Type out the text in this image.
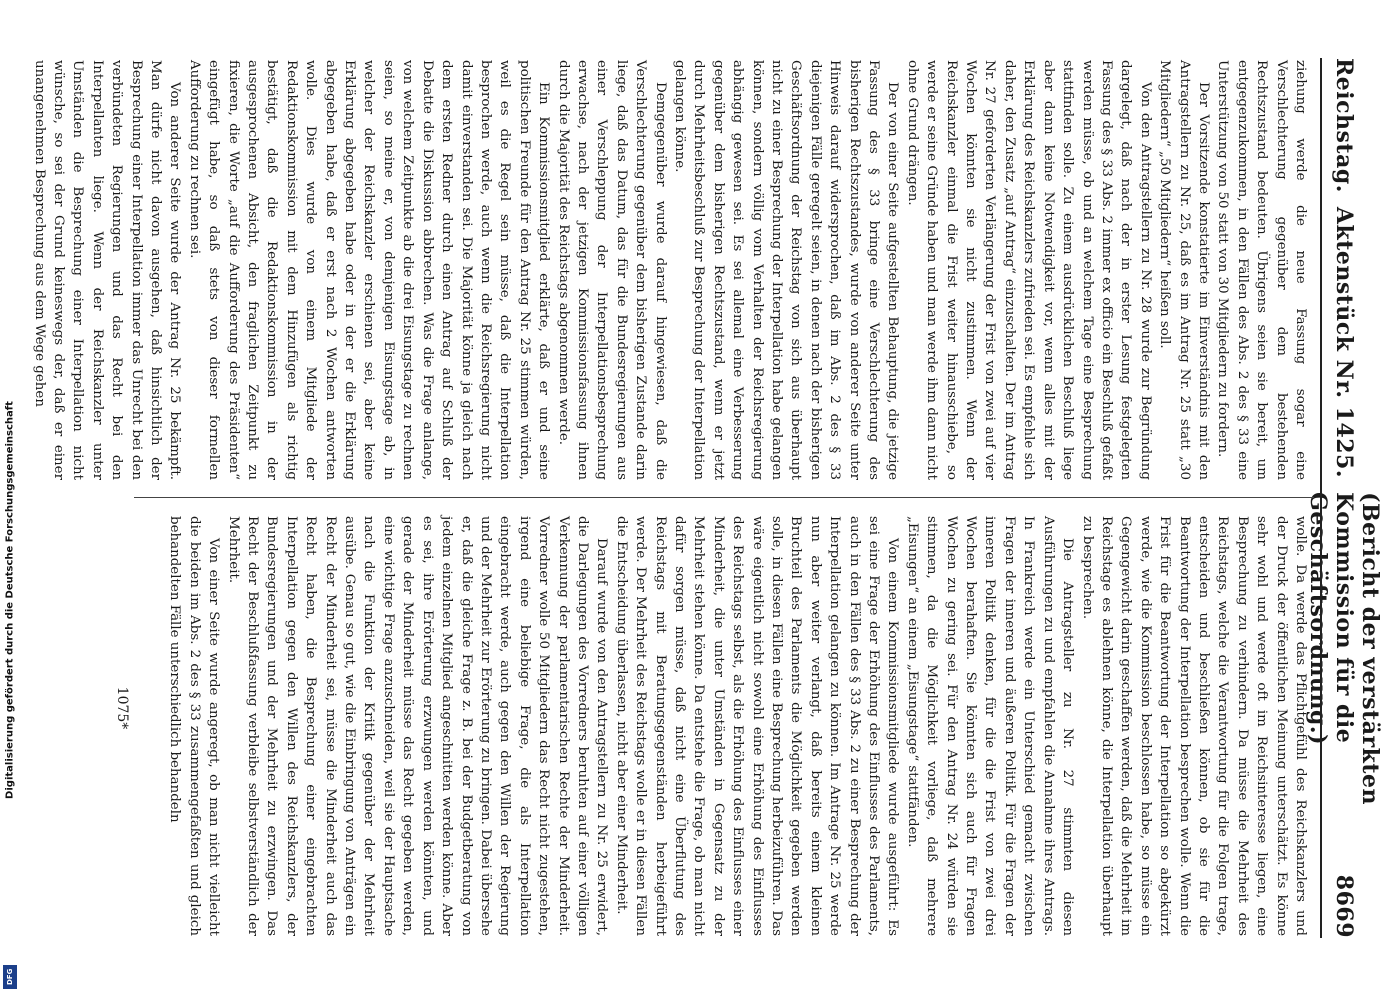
Digitalisierung gefördert durch die Deutsche Forschungsgemeinschaft
DFG
Reichstag.
Aktenstück Nr. 1425.
(Bericht der verstärkten Kommission für die Geschäftsordnung.)
8669

ziehung werde die neue Fassung sogar eine Verschlechterung gegenüber dem bestehenden Rechtszustand bedeuten. Übrigens seien sie bereit, um entgegenzukommen, in den Fällen des Abs. 2 des § 33 eine Unterstützung von 50 statt von 30 Mitgliedern zu fordern.

Der Vorsitzende konstatierte im Einverständnis mit den Antragstellern zu Nr. 25, daß es im Antrag Nr. 25 statt „30 Mitgliedern“ „50 Mitgliedern“ heißen soll.

Von den Antragstellern zu Nr. 28 wurde zur Begründung dargelegt, daß nach der in erster Lesung festgelegten Fassung des § 33 Abs. 2 immer ex officio ein Beschluß gefaßt werden müsse, ob und an welchem Tage eine Besprechung stattfinden solle. Zu einem ausdrücklichen Beschluß liege aber dann keine Notwendigkeit vor, wenn alles mit der Erklärung des Reichskanzlers zufrieden sei. Es empfehle sich daher, den Zusatz „auf Antrag“ einzuschalten. Der im Antrag Nr. 27 geforderten Verlängerung der Frist von zwei auf vier Wochen könnten sie nicht zustimmen. Wenn der Reichskanzler einmal die Frist weiter hinausschiebe, so werde er seine Gründe haben und man werde ihm dann nicht ohne Grund drängen.

Der von einer Seite aufgestellten Behauptung, die jetzige Fassung des § 33 bringe eine Verschlechterung des bisherigen Rechtszustandes, wurde von anderer Seite unter Hinweis darauf widersprochen, daß im Abs. 2 des § 33 diejenigen Fälle geregelt seien, in denen nach der bisherigen Geschäftsordnung der Reichstag von sich aus überhaupt nicht zu einer Besprechung der Interpellation habe gelangen können, sondern völlig vom Verhalten der Reichsregierung abhängig gewesen sei. Es sei allemal eine Verbesserung gegenüber dem bisherigen Rechtszustand, wenn er jetzt durch Mehrheitsbeschluß zur Besprechung der Interpellation gelangen könne.

Demgegenüber wurde darauf hingewiesen, daß die Verschlechterung gegenüber dem bisherigen Zustande darin liege, daß das Datum, das für die Bundesregierungen aus einer Verschleppung der Interpellationsbesprechung erwachse, nach der jetzigen Kommissionsfassung ihnen durch die Majorität des Reichstags abgenommen werde.

Ein Kommissionsmitglied erklärte, daß er und seine politischen Freunde für den Antrag Nr. 25 stimmen würden, weil es die Regel sein müsse, daß die Interpellation besprochen werde, auch wenn die Reichsregierung nicht damit einverstanden sei. Die Majorität könne ja gleich nach dem ersten Redner durch einen Antrag auf Schluß der Debatte die Diskussion abbrechen. Was die Frage anlange, von welchem Zeitpunkte ab die drei Eisungstage zu rechnen seien, so meine er, von demjenigen Eisungstage ab, in welcher der Reichskanzler erschienen sei, aber keine Erklärung abgegeben habe oder in der er die Erklärung abgegeben habe, daß er erst nach 2 Wochen antworten wolle. Dies wurde von einem Mitgliede der Redaktionskommission mit dem Hinzufügen als richtig bestätigt, daß die Redaktionskommission in der ausgesprochenen Absicht, den fraglichen Zeitpunkt zu fixieren, die Worte „auf die Aufforderung des Präsidenten“ eingefügt habe, so daß stets von dieser formellen Aufforderung zu rechnen sei.

Von anderer Seite wurde der Antrag Nr. 25 bekämpft. Man dürfe nicht davon ausgehen, daß hinsichtlich der Besprechung einer Interpellation immer das Unrecht bei den verbündeten Regierungen und das Recht bei den Interpellanten liege. Wenn der Reichskanzler unter Umständen die Besprechung einer Interpellation nicht wünsche, so sei der Grund keineswegs der, daß er einer unangenehmen Besprechung aus dem Wege gehen

wolle. Da werde das Pflichtgefühl des Reichskanzlers und der Druck der öffentlichen Meinung unterschätzt. Es könne sehr wohl und werde oft im Reichsinteresse liegen, eine Besprechung zu verhindern. Da müsse die Mehrheit des Reichstags, welche die Verantwortung für die Folgen trage, entscheiden und beschließen können, ob sie für die Beantwortung der Interpellation besprechen wolle. Wenn die Frist für die Beantwortung der Interpellation so abgekürzt werde, wie die Kommission beschlossen habe, so müsse ein Gegengewicht darin geschaffen werden, daß die Mehrheit im Reichstage es ablehnen könne, die Interpellation überhaupt zu besprechen.

Die Antragsteller zu Nr. 27 stimmten diesen Ausführungen zu und empfahlen die Annahme ihres Antrags. In Frankreich werde ein Unterschied gemacht zwischen Fragen der inneren und äußeren Politik. Für die Fragen der inneren Politik denken, für die die Frist von zwei drei Wochen berahaften. Sie könnten sich auch für Fragen Wochen zu gering sei. Für den Antrag Nr. 24 würden sie stimmen, da die Möglichkeit vorliege, daß mehrere „Eisungen“ an einem „Eisungstage“ stattfänden.

Von einem Kommissionsmitgliede wurde ausgeführt: Es sei eine Frage der Erhöhung des Einflusses des Parlaments, auch in den Fällen des § 33 Abs. 2 zu einer Besprechung der Interpellation gelangen zu können. Im Antrage Nr. 25 werde nun aber weiter verlangt, daß bereits einem kleinen Bruchteil des Parlaments die Möglichkeit gegeben werden solle, in diesen Fällen eine Besprechung herbeizuführen. Das wäre eigentlich nicht sowohl eine Erhöhung des Einflusses des Reichstags selbst, als die Erhöhung des Einflusses einer Minderheit, die unter Umständen in Gegensatz zu der Mehrheit stehen könne. Da entstehe die Frage, ob man nicht dafür sorgen müsse, daß nicht eine Überflutung des Reichstags mit Beratungsgegenständen herbeigeführt werde. Der Mehrheit des Reichstags wolle er in diesen Fällen die Entscheidung überlassen, nicht aber einer Minderheit.

Darauf wurde von den Antragstellern zu Nr. 25 erwidert, die Darlegungen des Vorredners beruhten auf einer völligen Verkennung der parlamentarischen Rechte der Minderheit. Vorredner wolle 50 Mitgliedern das Recht nicht zugestehen, irgend eine beliebige Frage, die als Interpellation eingebracht werde, auch gegen den Willen der Regierung und der Mehrheit zur Erörterung zu bringen. Dabei übersehe er, daß die gleiche Frage z. B. bei der Budgetberatung von jedem einzelnen Mitglied angeschnitten werden könne. Aber es sei, ihre Erörterung erzwungen werden könnten, und gerade der Minderheit müsse das Recht gegeben werden, eine wichtige Frage anzuschneiden, weil sie der Hauptsache nach die Funktion der Kritik gegenüber der Mehrheit ausübe. Genau so gut, wie die Einbringung von Anträgen ein Recht der Minderheit sei, müsse die Minderheit auch das Recht haben, die Besprechung einer eingebrachten Interpellation gegen den Willen des Reichskanzlers, der Bundesregierungen und der Mehrheit zu erzwingen. Das Recht der Beschlußfassung verbleibe selbstverständlich der Mehrheit.

Von einer Seite wurde angeregt, ob man nicht vielleicht die beiden im Abs. 2 des § 33 zusammengefaßten und gleich behandelten Fälle unterschiedlich behandeln

1075*
